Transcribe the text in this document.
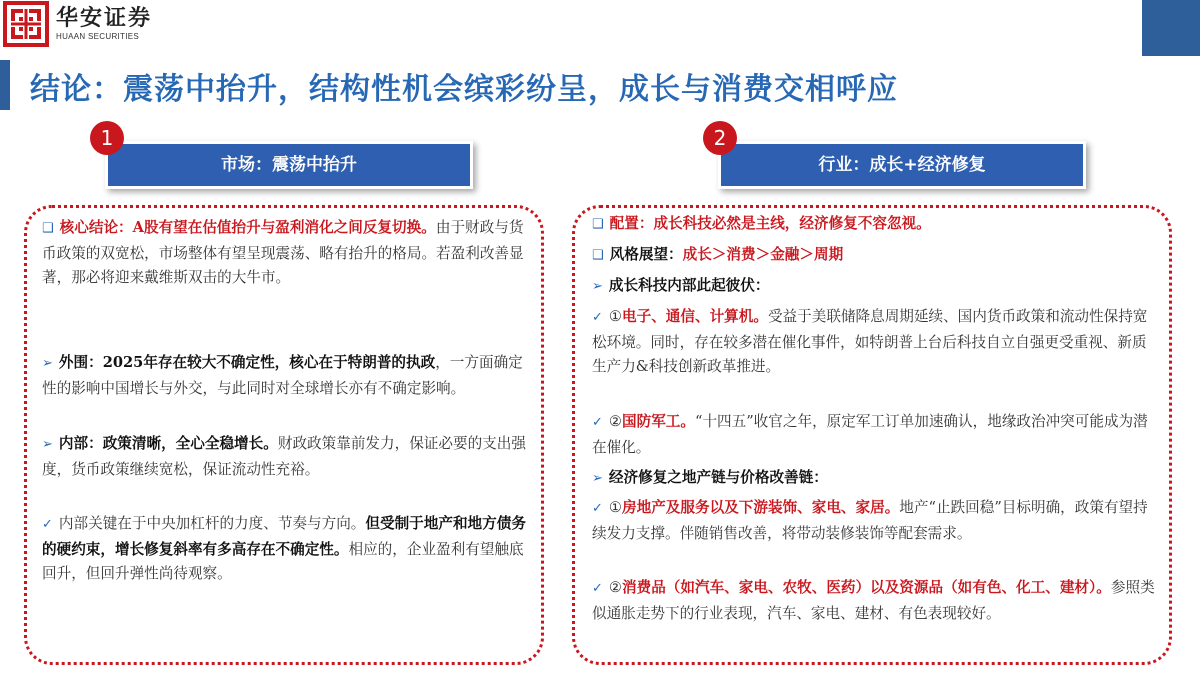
华安证券
HUAAN SECURITIES
结论：震荡中抬升，结构性机会缤彩纷呈，成长与消费交相呼应
市场：震荡中抬升
1
❑ 核心结论：A股有望在估值抬升与盈利消化之间反复切换。由于财政与货币政策的双宽松，市场整体有望呈现震荡、略有抬升的格局。若盈利改善显著，那必将迎来戴维斯双击的大牛市。
➢ 外围：2025年存在较大不确定性，核心在于特朗普的执政，一方面确定性的影响中国增长与外交，与此同时对全球增长亦有不确定影响。
➢ 内部：政策清晰，全心全稳增长。财政政策靠前发力，保证必要的支出强度，货币政策继续宽松，保证流动性充裕。
✓ 内部关键在于中央加杠杆的力度、节奏与方向。但受制于地产和地方债务的硬约束，增长修复斜率有多高存在不确定性。相应的，企业盈利有望触底回升，但回升弹性尚待观察。
行业：成长+经济修复
2
❑ 配置：成长科技必然是主线，经济修复不容忽视。
❑ 风格展望：成长＞消费＞金融＞周期
➢ 成长科技内部此起彼伏：
✓ ①电子、通信、计算机。受益于美联储降息周期延续、国内货币政策和流动性保持宽松环境。同时，存在较多潜在催化事件，如特朗普上台后科技自立自强更受重视、新质生产力&科技创新政革推进。
✓ ②国防军工。“十四五”收官之年，原定军工订单加速确认，地缘政治冲突可能成为潜在催化。
➢ 经济修复之地产链与价格改善链：
✓ ①房地产及服务以及下游装饰、家电、家居。地产“止跌回稳”目标明确，政策有望持续发力支撑。伴随销售改善，将带动装修装饰等配套需求。
✓ ②消费品（如汽车、家电、农牧、医药）以及资源品（如有色、化工、建材）。参照类似通胀走势下的行业表现，汽车、家电、建材、有色表现较好。
